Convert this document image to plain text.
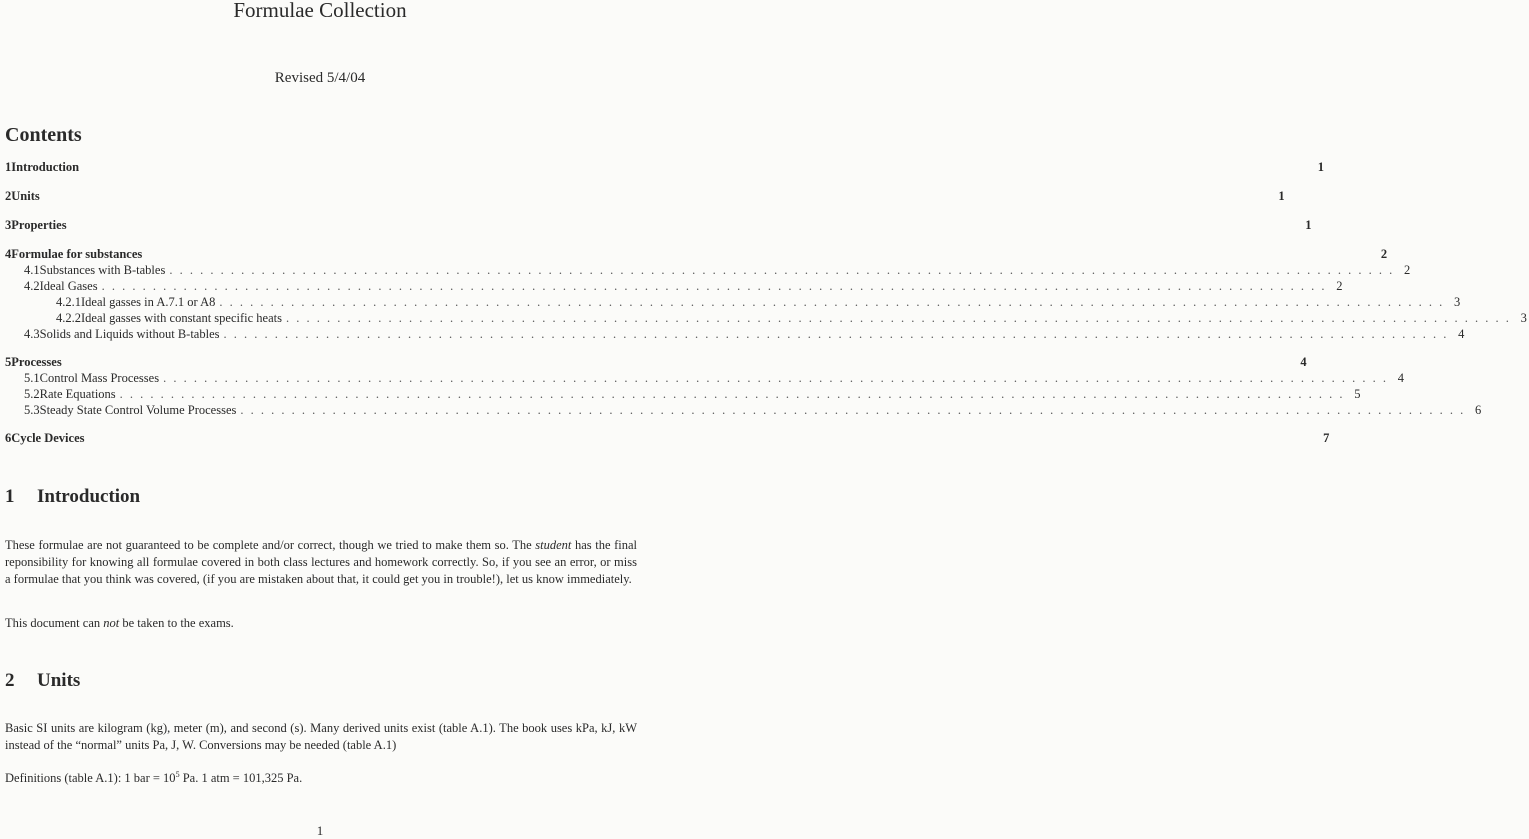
Formulae Collection
Revised 5/4/04
Contents
1 Introduction	1
2 Units	1
3 Properties	1
4 Formulae for substances	2
4.1 Substances with B-tables . . . . . . . . . . . . . . . . . . . . . . . . . . . . . . . . . . . . . . . . . . . . . . . . . . . . . . . . . . . . . . . . . . . . . . . . . . . . . . . . . . . . . . . . . . . . . . . . . . . . . . . . . . . . . . . . . . . . . . . . 2
4.2 Ideal Gases . . . . . . . . . . . . . . . . . . . . . . . . . . . . . . . . . . . . . . . . . . . . . . . . . . . . . . . . . . . . . . . . . . . . . . . . . . . . . . . . . . . . . . . . . . . . . . . . . . . . . . . . . . . . . . . . . . . . . . . . 2
4.2.1 Ideal gasses in A.7.1 or A8 . . . . . . . . . . . . . . . . . . . . . . . . . . . . . . . . . . . . . . . . . . . . . . . . . . . . . . . . . . . . . . . . . . . . . . . . . . . . . . . . . . . . . . . . . . . . . . . . . . . . . . . . . . . . . . . . . . . . . . . . 3
4.2.2 Ideal gasses with constant specific heats . . . . . . . . . . . . . . . . . . . . . . . . . . . . . . . . . . . . . . . . . . . . . . . . . . . . . . . . . . . . . . . . . . . . . . . . . . . . . . . . . . . . . . . . . . . . . . . . . . . . . . . . . . . . . . . . . . . . . . . . 3
4.3 Solids and Liquids without B-tables . . . . . . . . . . . . . . . . . . . . . . . . . . . . . . . . . . . . . . . . . . . . . . . . . . . . . . . . . . . . . . . . . . . . . . . . . . . . . . . . . . . . . . . . . . . . . . . . . . . . . . . . . . . . . . . . . . . . . . . . 4
5 Processes	4
5.1 Control Mass Processes . . . . . . . . . . . . . . . . . . . . . . . . . . . . . . . . . . . . . . . . . . . . . . . . . . . . . . . . . . . . . . . . . . . . . . . . . . . . . . . . . . . . . . . . . . . . . . . . . . . . . . . . . . . . . . . . . . . . . . . . 4
5.2 Rate Equations . . . . . . . . . . . . . . . . . . . . . . . . . . . . . . . . . . . . . . . . . . . . . . . . . . . . . . . . . . . . . . . . . . . . . . . . . . . . . . . . . . . . . . . . . . . . . . . . . . . . . . . . . . . . . . . . . . . . . . . . 5
5.3 Steady State Control Volume Processes . . . . . . . . . . . . . . . . . . . . . . . . . . . . . . . . . . . . . . . . . . . . . . . . . . . . . . . . . . . . . . . . . . . . . . . . . . . . . . . . . . . . . . . . . . . . . . . . . . . . . . . . . . . . . . . . . . . . . . . . 6
6 Cycle Devices	7
1 Introduction
These formulae are not guaranteed to be complete and/or correct, though we tried to make them so. The student has the final reponsibility for knowing all formulae covered in both class lectures and homework correctly. So, if you see an error, or miss a formulae that you think was covered, (if you are mistaken about that, it could get you in trouble!), let us know immediately.
This document can not be taken to the exams.
2 Units
Basic SI units are kilogram (kg), meter (m), and second (s). Many derived units exist (table A.1). The book uses kPa, kJ, kW instead of the “normal” units Pa, J, W. Conversions may be needed (table A.1)
Definitions (table A.1): 1 bar = $10^5$ Pa. 1 atm = 101,325 Pa.
1
